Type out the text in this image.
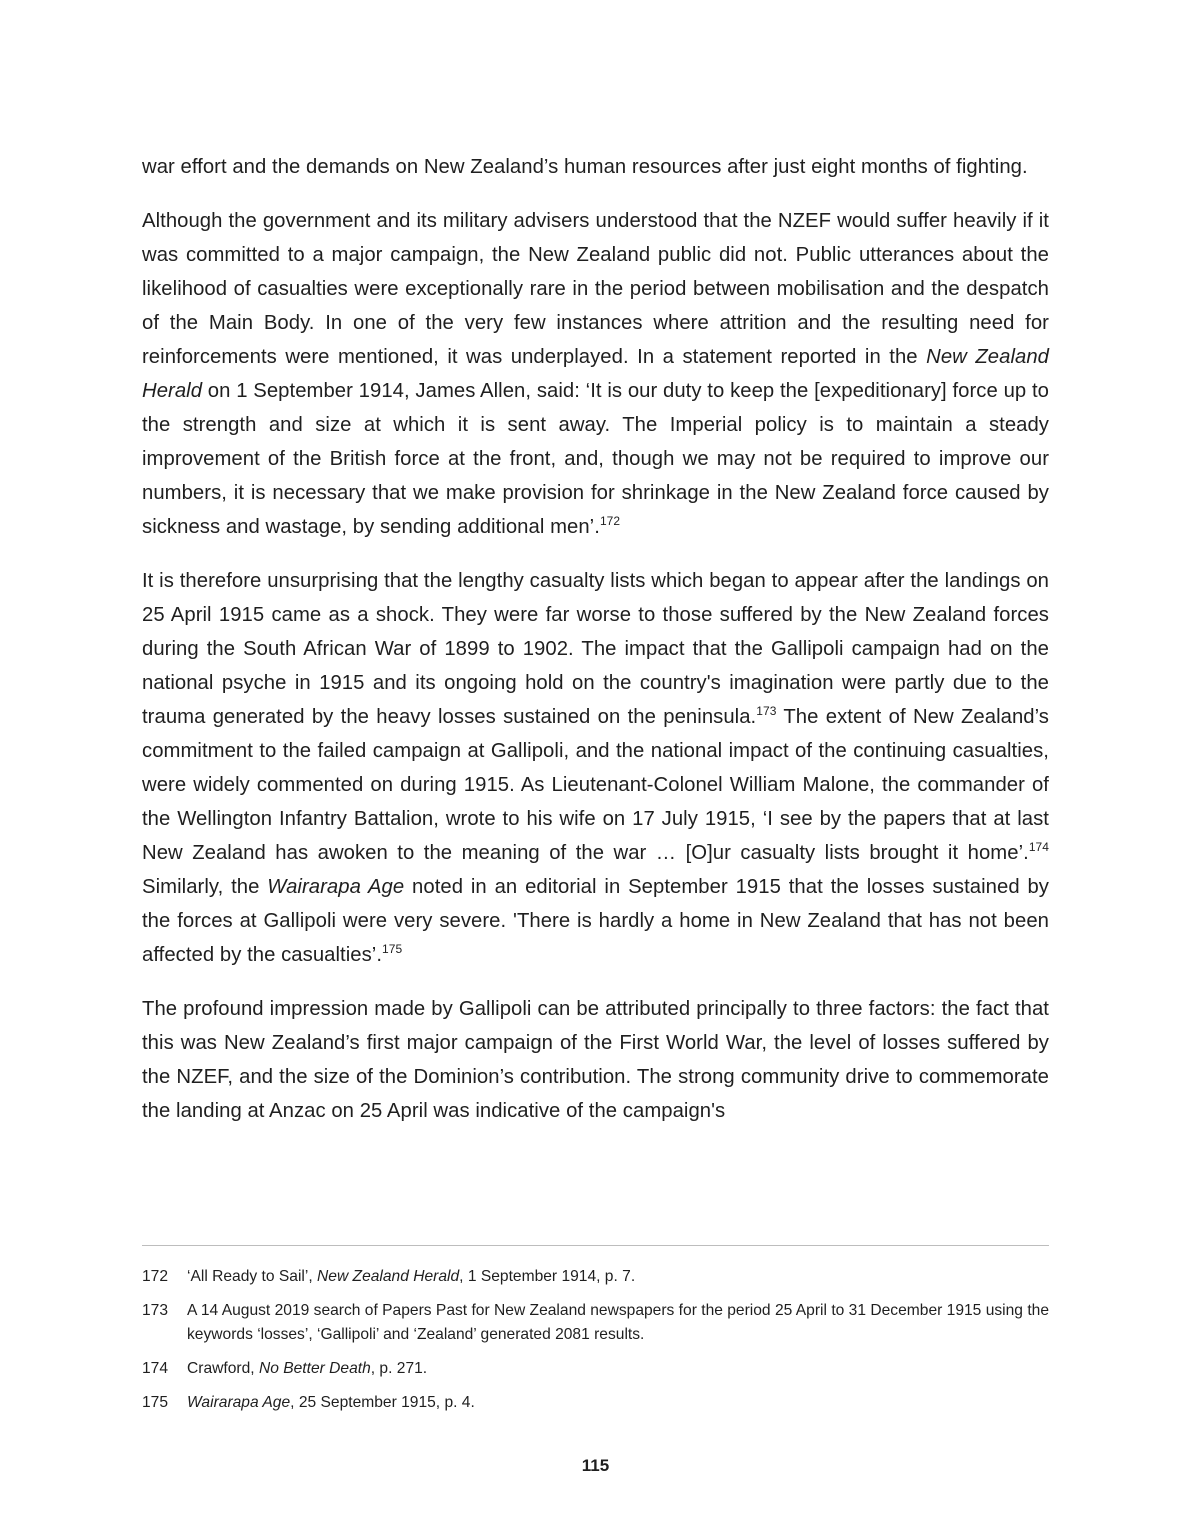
war effort and the demands on New Zealand’s human resources after just eight months of fighting.

Although the government and its military advisers understood that the NZEF would suffer heavily if it was committed to a major campaign, the New Zealand public did not. Public utterances about the likelihood of casualties were exceptionally rare in the period between mobilisation and the despatch of the Main Body. In one of the very few instances where attrition and the resulting need for reinforcements were mentioned, it was underplayed. In a statement reported in the New Zealand Herald on 1 September 1914, James Allen, said: ‘It is our duty to keep the [expeditionary] force up to the strength and size at which it is sent away. The Imperial policy is to maintain a steady improvement of the British force at the front, and, though we may not be required to improve our numbers, it is necessary that we make provision for shrinkage in the New Zealand force caused by sickness and wastage, by sending additional men’.$^{172}$

It is therefore unsurprising that the lengthy casualty lists which began to appear after the landings on 25 April 1915 came as a shock. They were far worse to those suffered by the New Zealand forces during the South African War of 1899 to 1902. The impact that the Gallipoli campaign had on the national psyche in 1915 and its ongoing hold on the country's imagination were partly due to the trauma generated by the heavy losses sustained on the peninsula.$^{173}$ The extent of New Zealand’s commitment to the failed campaign at Gallipoli, and the national impact of the continuing casualties, were widely commented on during 1915. As Lieutenant-Colonel William Malone, the commander of the Wellington Infantry Battalion, wrote to his wife on 17 July 1915, ‘I see by the papers that at last New Zealand has awoken to the meaning of the war … [O]ur casualty lists brought it home’.$^{174}$ Similarly, the Wairarapa Age noted in an editorial in September 1915 that the losses sustained by the forces at Gallipoli were very severe. 'There is hardly a home in New Zealand that has not been affected by the casualties’.$^{175}$

The profound impression made by Gallipoli can be attributed principally to three factors: the fact that this was New Zealand’s first major campaign of the First World War, the level of losses suffered by the NZEF, and the size of the Dominion’s contribution. The strong community drive to commemorate the landing at Anzac on 25 April was indicative of the campaign's

172	‘All Ready to Sail’, New Zealand Herald, 1 September 1914, p. 7.
173	A 14 August 2019 search of Papers Past for New Zealand newspapers for the period 25 April to 31 December 1915 using the keywords ‘losses’, ‘Gallipoli’ and ‘Zealand’ generated 2081 results.
174	Crawford, No Better Death, p. 271.
175	Wairarapa Age, 25 September 1915, p. 4.
115
